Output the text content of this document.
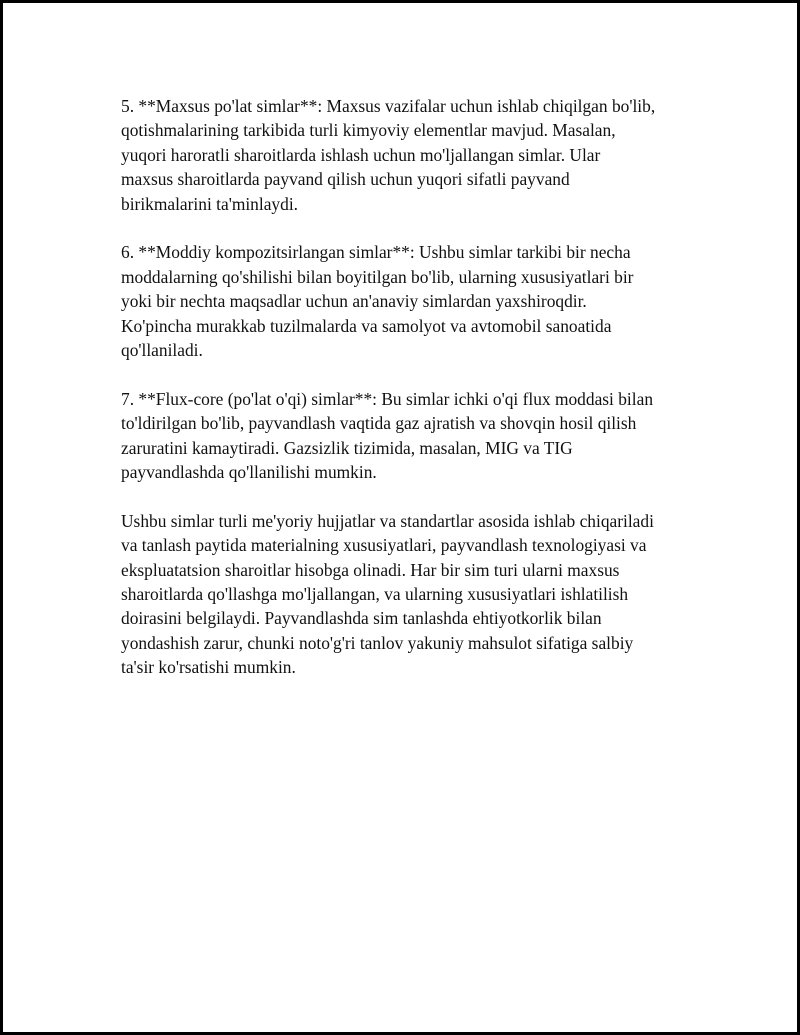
5. **Maxsus po'lat simlar**: Maxsus vazifalar uchun ishlab chiqilgan bo'lib,
qotishmalarining tarkibida turli kimyoviy elementlar mavjud. Masalan,
yuqori haroratli sharoitlarda ishlash uchun mo'ljallangan simlar. Ular
maxsus sharoitlarda payvand qilish uchun yuqori sifatli payvand
birikmalarini ta'minlaydi.

6. **Moddiy kompozitsirlangan simlar**: Ushbu simlar tarkibi bir necha
moddalarning qo'shilishi bilan boyitilgan bo'lib, ularning xususiyatlari bir
yoki bir nechta maqsadlar uchun an'anaviy simlardan yaxshiroqdir.
Ko'pincha murakkab tuzilmalarda va samolyot va avtomobil sanoatida
qo'llaniladi.

7. **Flux-core (po'lat o'qi) simlar**: Bu simlar ichki o'qi flux moddasi bilan
to'ldirilgan bo'lib, payvandlash vaqtida gaz ajratish va shovqin hosil qilish
zaruratini kamaytiradi. Gazsizlik tizimida, masalan, MIG va TIG
payvandlashda qo'llanilishi mumkin.

Ushbu simlar turli me'yoriy hujjatlar va standartlar asosida ishlab chiqariladi
va tanlash paytida materialning xususiyatlari, payvandlash texnologiyasi va
ekspluatatsion sharoitlar hisobga olinadi. Har bir sim turi ularni maxsus
sharoitlarda qo'llashga mo'ljallangan, va ularning xususiyatlari ishlatilish
doirasini belgilaydi. Payvandlashda sim tanlashda ehtiyotkorlik bilan
yondashish zarur, chunki noto'g'ri tanlov yakuniy mahsulot sifatiga salbiy
ta'sir ko'rsatishi mumkin.
